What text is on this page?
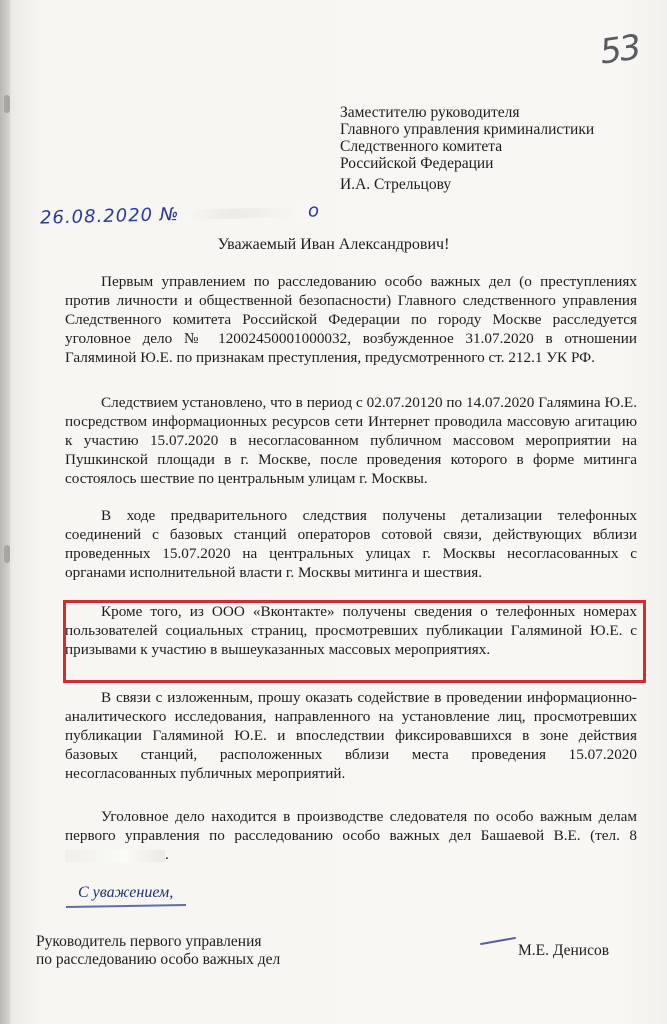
53
Заместителю руководителя
Главного управления криминалистики
Следственного комитета
Российской Федерации
И.А. Стрельцову
26.08.2020 №	о
Уважаемый Иван Александрович!
Первым управлением по расследованию особо важных дел (о преступлениях против личности и общественной безопасности) Главного следственного управления Следственного комитета Российской Федерации по городу Москве расследуется уголовное дело № 12002450001000032, возбужденное 31.07.2020 в отношении Галяминой Ю.Е. по признакам преступления, предусмотренного ст. 212.1 УК РФ.
Следствием установлено, что в период с 02.07.20120 по 14.07.2020 Галямина Ю.Е. посредством информационных ресурсов сети Интернет проводила массовую агитацию к участию 15.07.2020 в несогласованном публичном массовом мероприятии на Пушкинской площади в г. Москве, после проведения которого в форме митинга состоялось шествие по центральным улицам г. Москвы.
В ходе предварительного следствия получены детализации телефонных соединений с базовых станций операторов сотовой связи, действующих вблизи проведенных 15.07.2020 на центральных улицах г. Москвы несогласованных с органами исполнительной власти г. Москвы митинга и шествия.
Кроме того, из ООО «Вконтакте» получены сведения о телефонных номерах пользователей социальных страниц, просмотревших публикации Галяминой Ю.Е. с призывами к участию в вышеуказанных массовых мероприятиях.
В связи с изложенным, прошу оказать содействие в проведении информационно-аналитического исследования, направленного на установление лиц, просмотревших публикации Галяминой Ю.Е. и впоследствии фиксировавшихся в зоне действия базовых станций, расположенных вблизи места проведения 15.07.2020 несогласованных публичных мероприятий.
Уголовное дело находится в производстве следователя по особо важным делам первого управления по расследованию особо важных дел Башаевой В.Е. (тел. 8.
С уважением,
Руководитель первого управления
по расследованию особо важных дел
М.Е. Денисов
